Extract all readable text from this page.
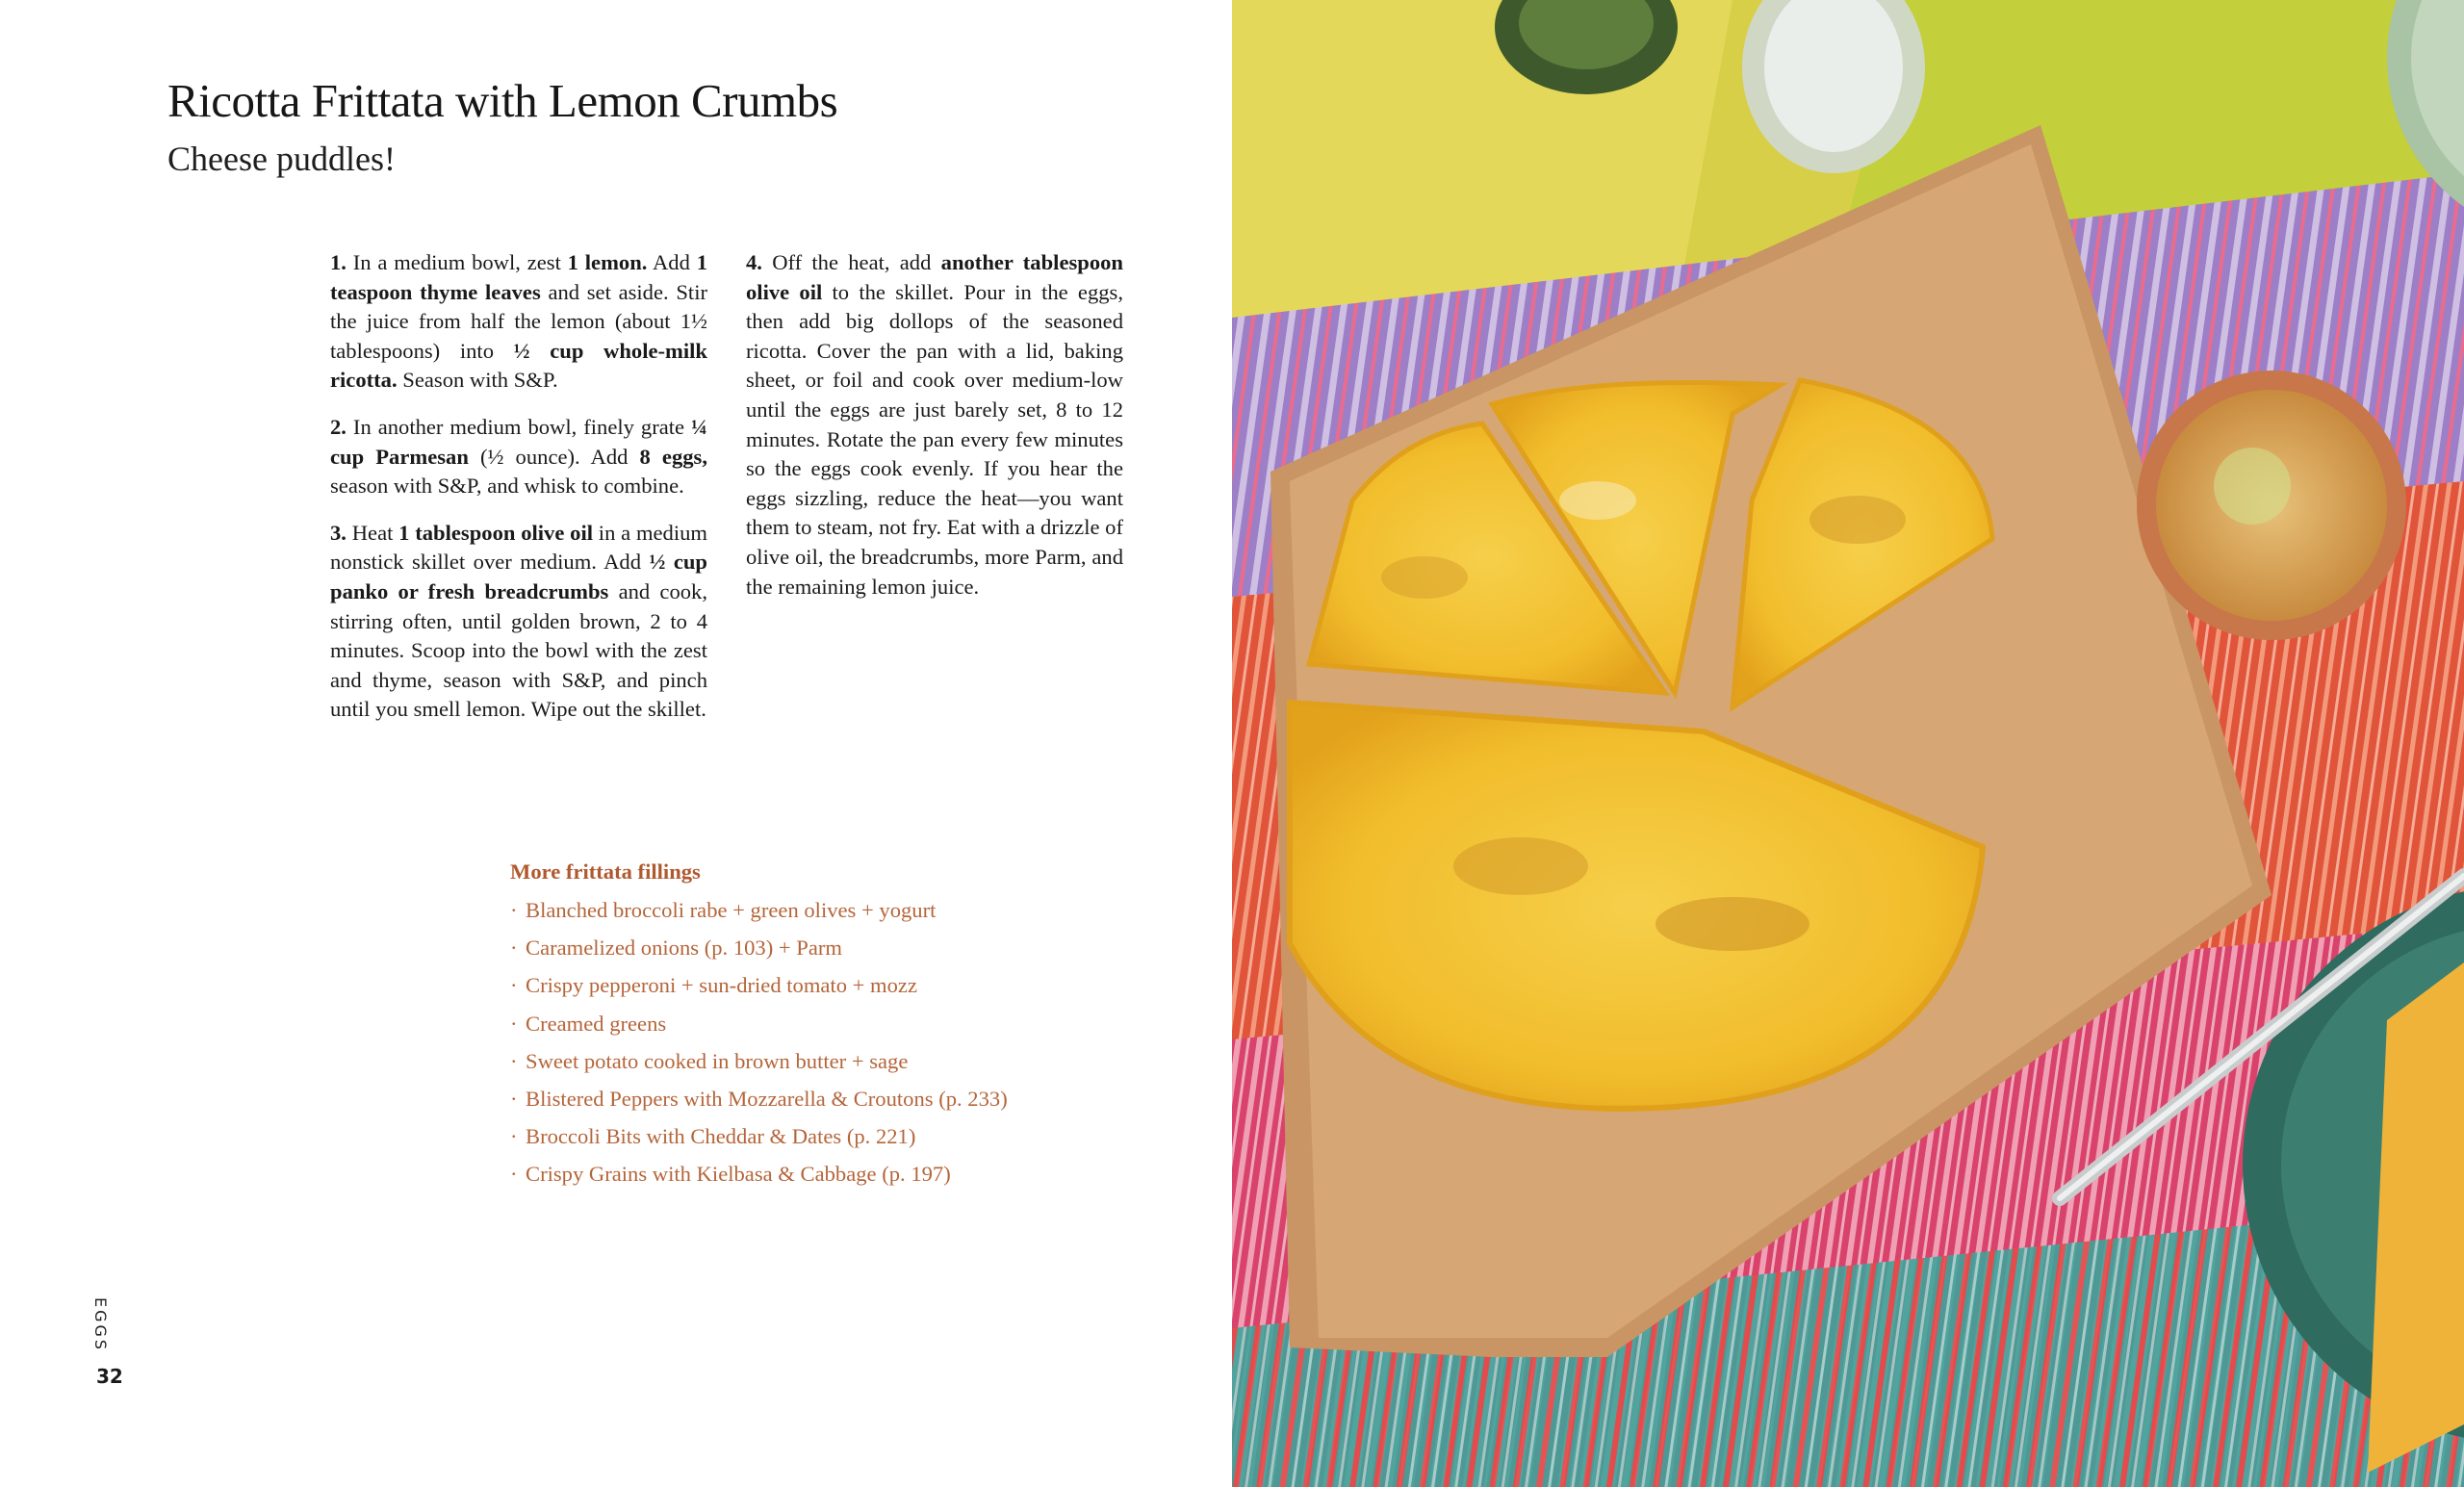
Ricotta Frittata with Lemon Crumbs
Cheese puddles!

1. In a medium bowl, zest 1 lemon. Add 1 teaspoon thyme leaves and set aside. Stir the juice from half the lemon (about 1½ tablespoons) into ½ cup whole-milk ricotta. Season with S&P.

2. In another medium bowl, finely grate ¼ cup Parmesan (½ ounce). Add 8 eggs, season with S&P, and whisk to combine.

3. Heat 1 tablespoon olive oil in a medium nonstick skillet over medium. Add ½ cup panko or fresh breadcrumbs and cook, stirring often, until golden brown, 2 to 4 minutes. Scoop into the bowl with the zest and thyme, season with S&P, and pinch until you smell lemon. Wipe out the skillet.

4. Off the heat, add another tablespoon olive oil to the skillet. Pour in the eggs, then add big dollops of the seasoned ricotta. Cover the pan with a lid, baking sheet, or foil and cook over medium-low until the eggs are just barely set, 8 to 12 minutes. Rotate the pan every few minutes so the eggs cook evenly. If you hear the eggs sizzling, reduce the heat—you want them to steam, not fry. Eat with a drizzle of olive oil, the breadcrumbs, more Parm, and the remaining lemon juice.

More frittata fillings
· Blanched broccoli rabe + green olives + yogurt
· Caramelized onions (p. 103) + Parm
· Crispy pepperoni + sun-dried tomato + mozz
· Creamed greens
· Sweet potato cooked in brown butter + sage
· Blistered Peppers with Mozzarella & Croutons (p. 233)
· Broccoli Bits with Cheddar & Dates (p. 221)
· Crispy Grains with Kielbasa & Cabbage (p. 197)
EGGS
32
